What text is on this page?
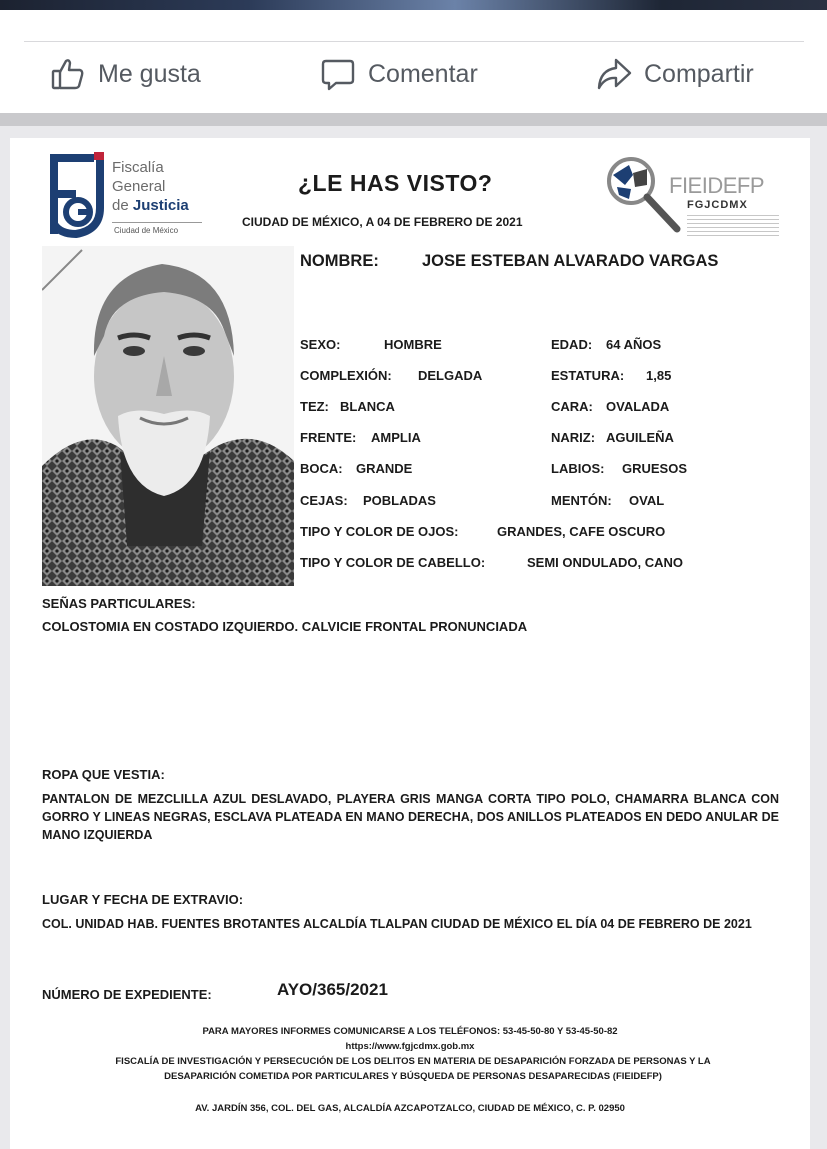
Me gusta	Comentar	Compartir
Fiscalía
General
de Justicia
Ciudad de México
FIEIDEFP
FGJCDMX
¿LE HAS VISTO?
CIUDAD DE MÉXICO, A 04 DE FEBRERO DE 2021
NOMBRE:	JOSE ESTEBAN ALVARADO VARGAS
SEXO:	HOMBRE	EDAD: 64 AÑOS
COMPLEXIÓN: DELGADA	ESTATURA: 1,85
TEZ: BLANCA	CARA: OVALADA
FRENTE: AMPLIA	NARIZ: AGUILEÑA
BOCA: GRANDE	LABIOS: GRUESOS
CEJAS: POBLADAS	MENTÓN: OVAL
TIPO Y COLOR DE OJOS:	GRANDES, CAFE OSCURO
TIPO Y COLOR DE CABELLO:	SEMI ONDULADO, CANO
SEÑAS PARTICULARES:
COLOSTOMIA EN COSTADO IZQUIERDO. CALVICIE FRONTAL PRONUNCIADA
ROPA QUE VESTIA:
PANTALON DE MEZCLILLA AZUL DESLAVADO, PLAYERA GRIS MANGA CORTA TIPO POLO, CHAMARRA BLANCA CON GORRO Y LINEAS NEGRAS, ESCLAVA PLATEADA EN MANO DERECHA, DOS ANILLOS PLATEADOS EN DEDO ANULAR DE MANO IZQUIERDA
LUGAR Y FECHA DE EXTRAVIO:
COL. UNIDAD HAB. FUENTES BROTANTES ALCALDÍA TLALPAN CIUDAD DE MÉXICO EL DÍA 04 DE FEBRERO DE 2021
NÚMERO DE EXPEDIENTE:	AYO/365/2021
PARA MAYORES INFORMES COMUNICARSE A LOS TELÉFONOS: 53-45-50-80 Y 53-45-50-82
https://www.fgjcdmx.gob.mx
FISCALÍA DE INVESTIGACIÓN Y PERSECUCIÓN DE LOS DELITOS EN MATERIA DE DESAPARICIÓN FORZADA DE PERSONAS Y LA DESAPARICIÓN COMETIDA POR PARTICULARES Y BÚSQUEDA DE PERSONAS DESAPARECIDAS (FIEIDEFP)
AV. JARDÍN 356, COL. DEL GAS, ALCALDÍA AZCAPOTZALCO, CIUDAD DE MÉXICO, C. P. 02950
